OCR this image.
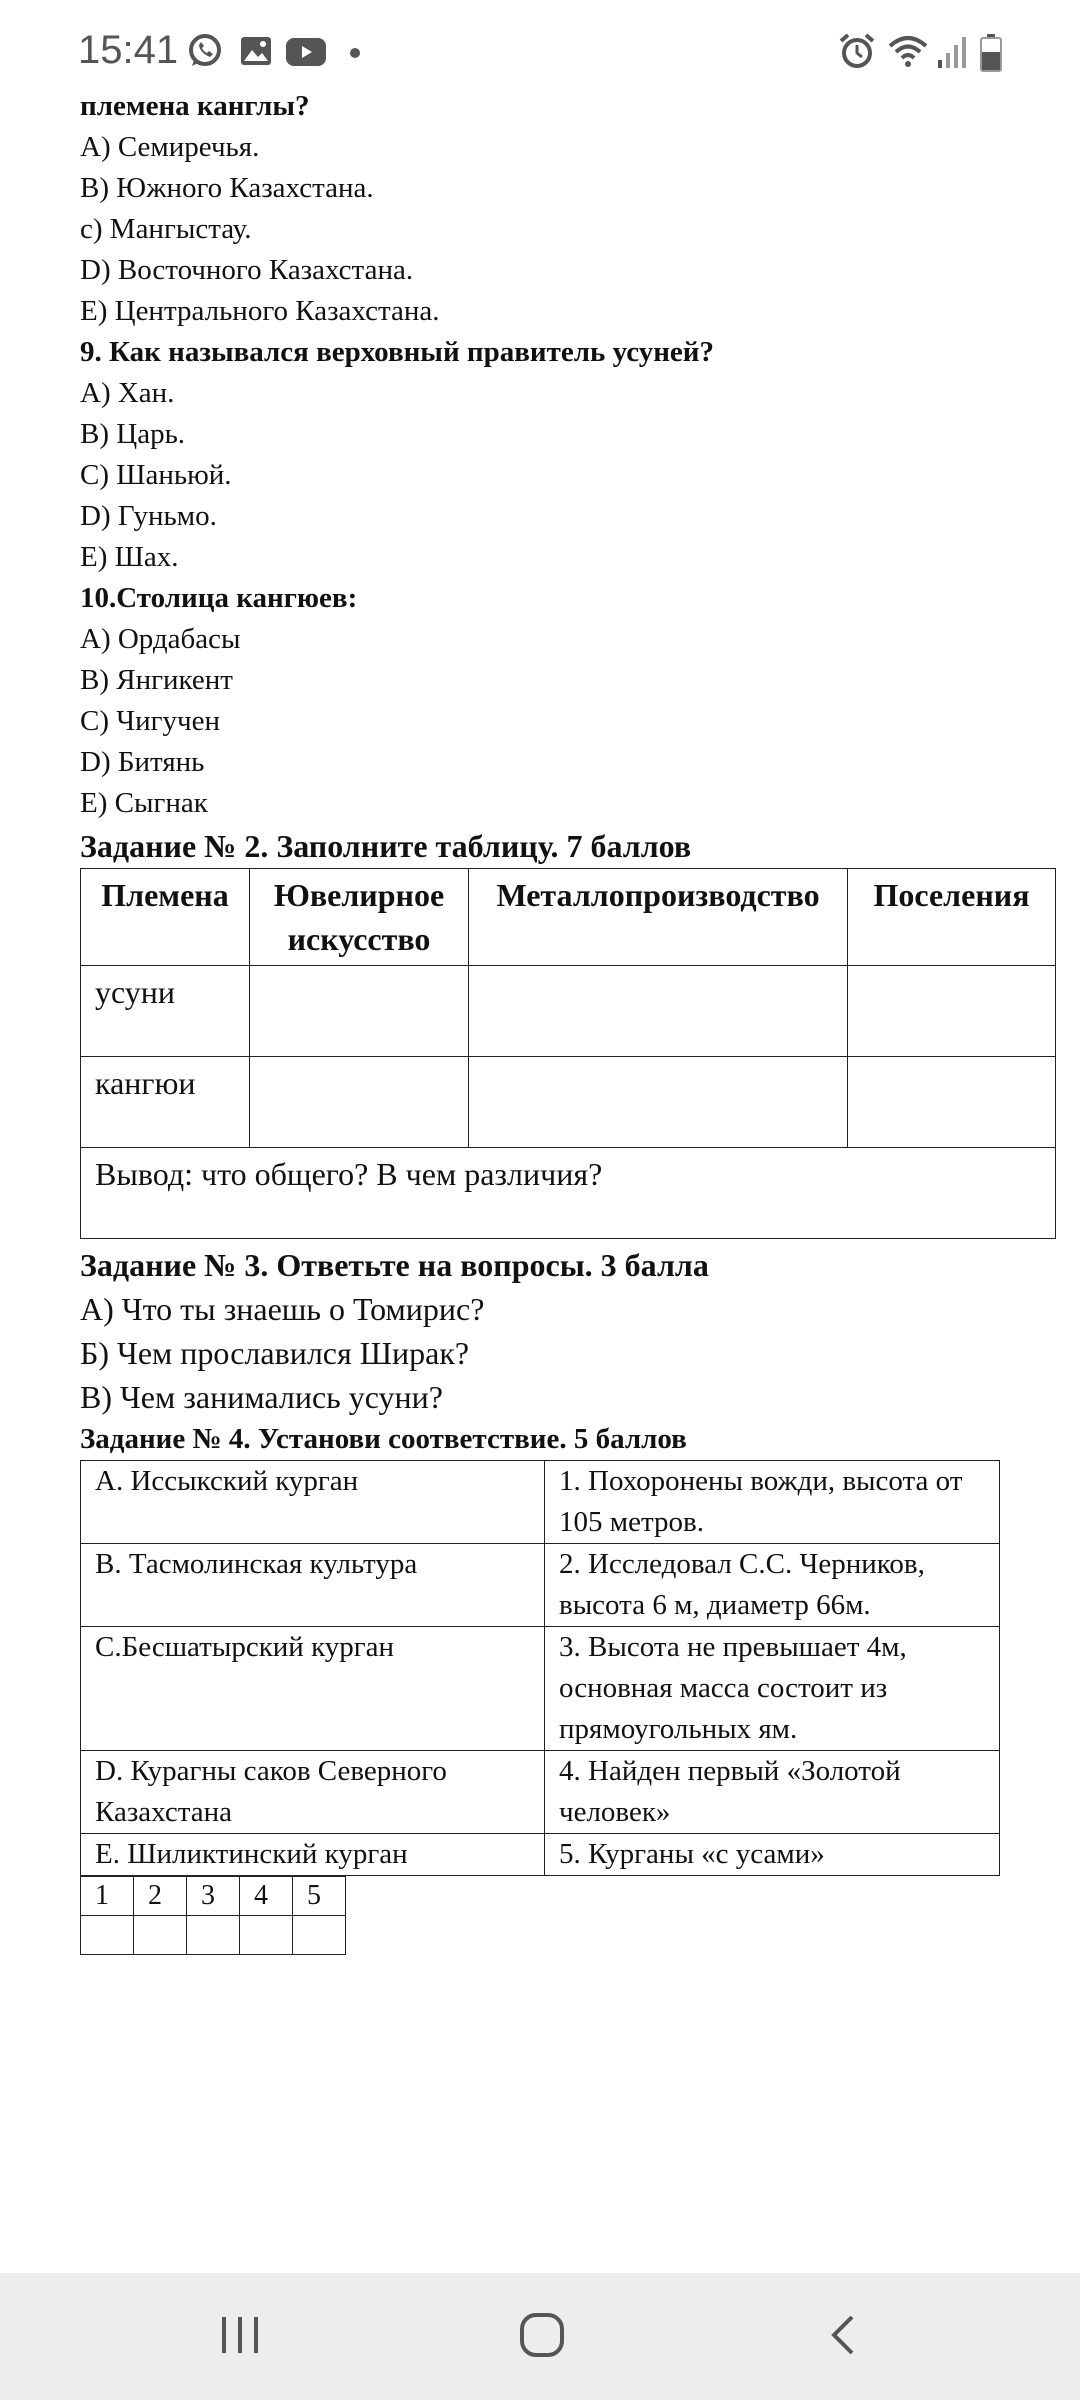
15:41
племена канглы?
A) Семиречья.
B) Южного Казахстана.
c) Мангыстау.
D) Восточного Казахстана.
E) Центрального Казахстана.
9. Как назывался верховный правитель усуней?
А) Хан.
В) Царь.
С) Шаньюй.
D) Гуньмо.
Е) Шах.
10.Столица кангюев:
А) Ордабасы
В) Янгикент
С) Чигучен
D) Битянь
Е) Сыгнак
Задание № 2. Заполните таблицу. 7 баллов
Племена	Ювелирное искусство	Металлопроизводство	Поселения
усуни			
кангюи			
Вывод: что общего? В чем различия?			
Задание № 3. Ответьте на вопросы. 3 балла
А) Что ты знаешь о Томирис?
Б) Чем прославился Ширак?
В) Чем занимались усуни?
Задание № 4. Установи соответствие. 5 баллов
A. Иссыкский курган	1. Похоронены вожди, высота от 105 метров.
B. Тасмолинская культура	2. Исследовал С.С. Черников, высота 6 м, диаметр 66м.
С.Бесшатырский курган	3. Высота не превышает 4м, основная масса состоит из прямоугольных ям.
D. Курагны саков Северного Казахстана	4. Найден первый «Золотой человек»
E. Шиликтинский курган	5. Курганы «с усами»
1	2	3	4	5
